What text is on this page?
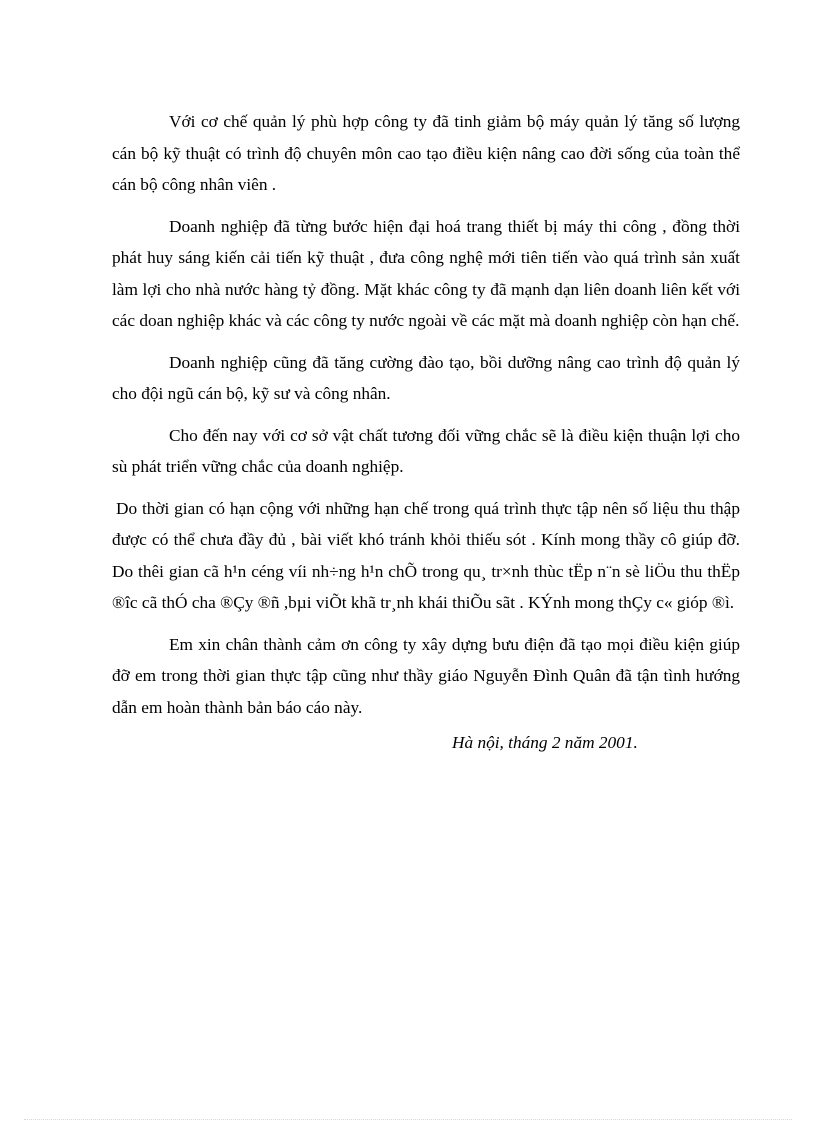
Với cơ chế quản lý phù hợp công ty đã tinh giảm bộ máy quản lý tăng số lượng cán bộ kỹ thuật có trình độ chuyên môn cao tạo điều kiện nâng cao đời sống của toàn thể cán bộ công nhân viên .

Doanh nghiệp đã từng bước hiện đại hoá trang thiết bị máy thi công , đồng thời phát huy sáng kiến cải tiến kỹ thuật , đưa công nghệ mới tiên tiến vào quá trình sản xuất làm lợi cho nhà nước hàng tỷ đồng. Mặt khác công ty đã mạnh dạn liên doanh liên kết với các doan nghiệp khác và các công ty nước ngoài về các mặt mà doanh nghiệp còn hạn chế.

Doanh nghiệp cũng đã tăng cường đào tạo, bồi dưỡng nâng cao trình độ quản lý cho đội ngũ cán bộ, kỹ sư và công nhân.

Cho đến nay với cơ sở vật chất tương đối vững chắc sẽ là điều kiện thuận lợi cho sù phát triển vững chắc của doanh nghiệp.

Do thời gian có hạn cộng với những hạn chế trong quá trình thực tập nên số liệu thu thập được có thể chưa đầy đủ , bài viết khó tránh khỏi thiếu sót . Kính mong thầy cô giúp đỡ. Do thêi gian cã h¹n céng víi nh÷ng h¹n chÕ trong qu¸ tr×nh thùc tËp n¨n sè liÖu thu thËp ®îc cã thÓ cha ®Çy ®ñ ,bµi viÕt khã tr¸nh khái thiÕu sãt . KÝnh mong thÇy c« gióp ®ì.

Em xin chân thành cảm ơn công ty xây dựng bưu điện đã tạo mọi điều kiện giúp đỡ em trong thời gian thực tập cũng như thầy giáo Nguyễn Đình Quân đã tận tình hướng dẫn em hoàn thành bản báo cáo này.

Hà nội, tháng 2 năm 2001.
